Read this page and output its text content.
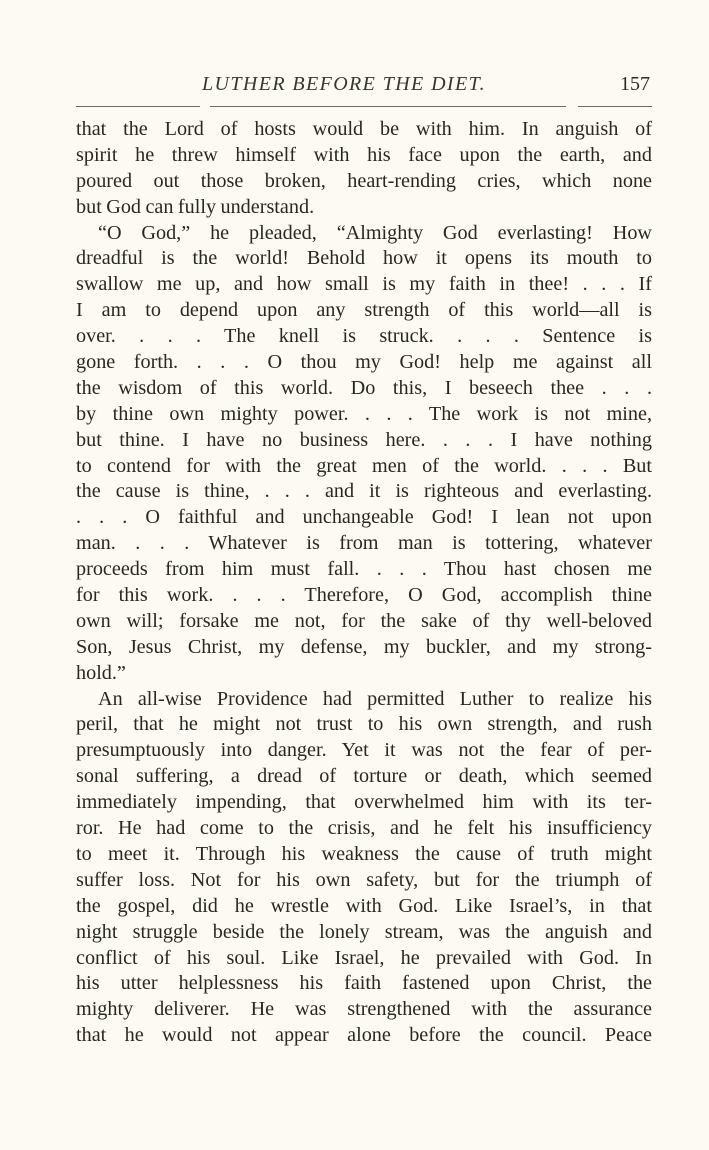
LUTHER BEFORE THE DIET.	157
that the Lord of hosts would be with him. In anguish of
spirit he threw himself with his face upon the earth, and
poured out those broken, heart-rending cries, which none
but God can fully understand.
“O God,” he pleaded, “Almighty God everlasting! How
dreadful is the world! Behold how it opens its mouth to
swallow me up, and how small is my faith in thee! . . . If
I am to depend upon any strength of this world—all is
over. . . . The knell is struck. . . . Sentence is
gone forth. . . . O thou my God! help me against all
the wisdom of this world. Do this, I beseech thee . . .
by thine own mighty power. . . . The work is not mine,
but thine. I have no business here. . . . I have nothing
to contend for with the great men of the world. . . . But
the cause is thine, . . . and it is righteous and everlasting.
. . . O faithful and unchangeable God! I lean not upon
man. . . . Whatever is from man is tottering, whatever
proceeds from him must fall. . . . Thou hast chosen me
for this work. . . . Therefore, O God, accomplish thine
own will; forsake me not, for the sake of thy well-beloved
Son, Jesus Christ, my defense, my buckler, and my strong-
hold.”
An all-wise Providence had permitted Luther to realize his
peril, that he might not trust to his own strength, and rush
presumptuously into danger. Yet it was not the fear of per-
sonal suffering, a dread of torture or death, which seemed
immediately impending, that overwhelmed him with its ter-
ror. He had come to the crisis, and he felt his insufficiency
to meet it. Through his weakness the cause of truth might
suffer loss. Not for his own safety, but for the triumph of
the gospel, did he wrestle with God. Like Israel’s, in that
night struggle beside the lonely stream, was the anguish and
conflict of his soul. Like Israel, he prevailed with God. In
his utter helplessness his faith fastened upon Christ, the
mighty deliverer. He was strengthened with the assurance
that he would not appear alone before the council. Peace
